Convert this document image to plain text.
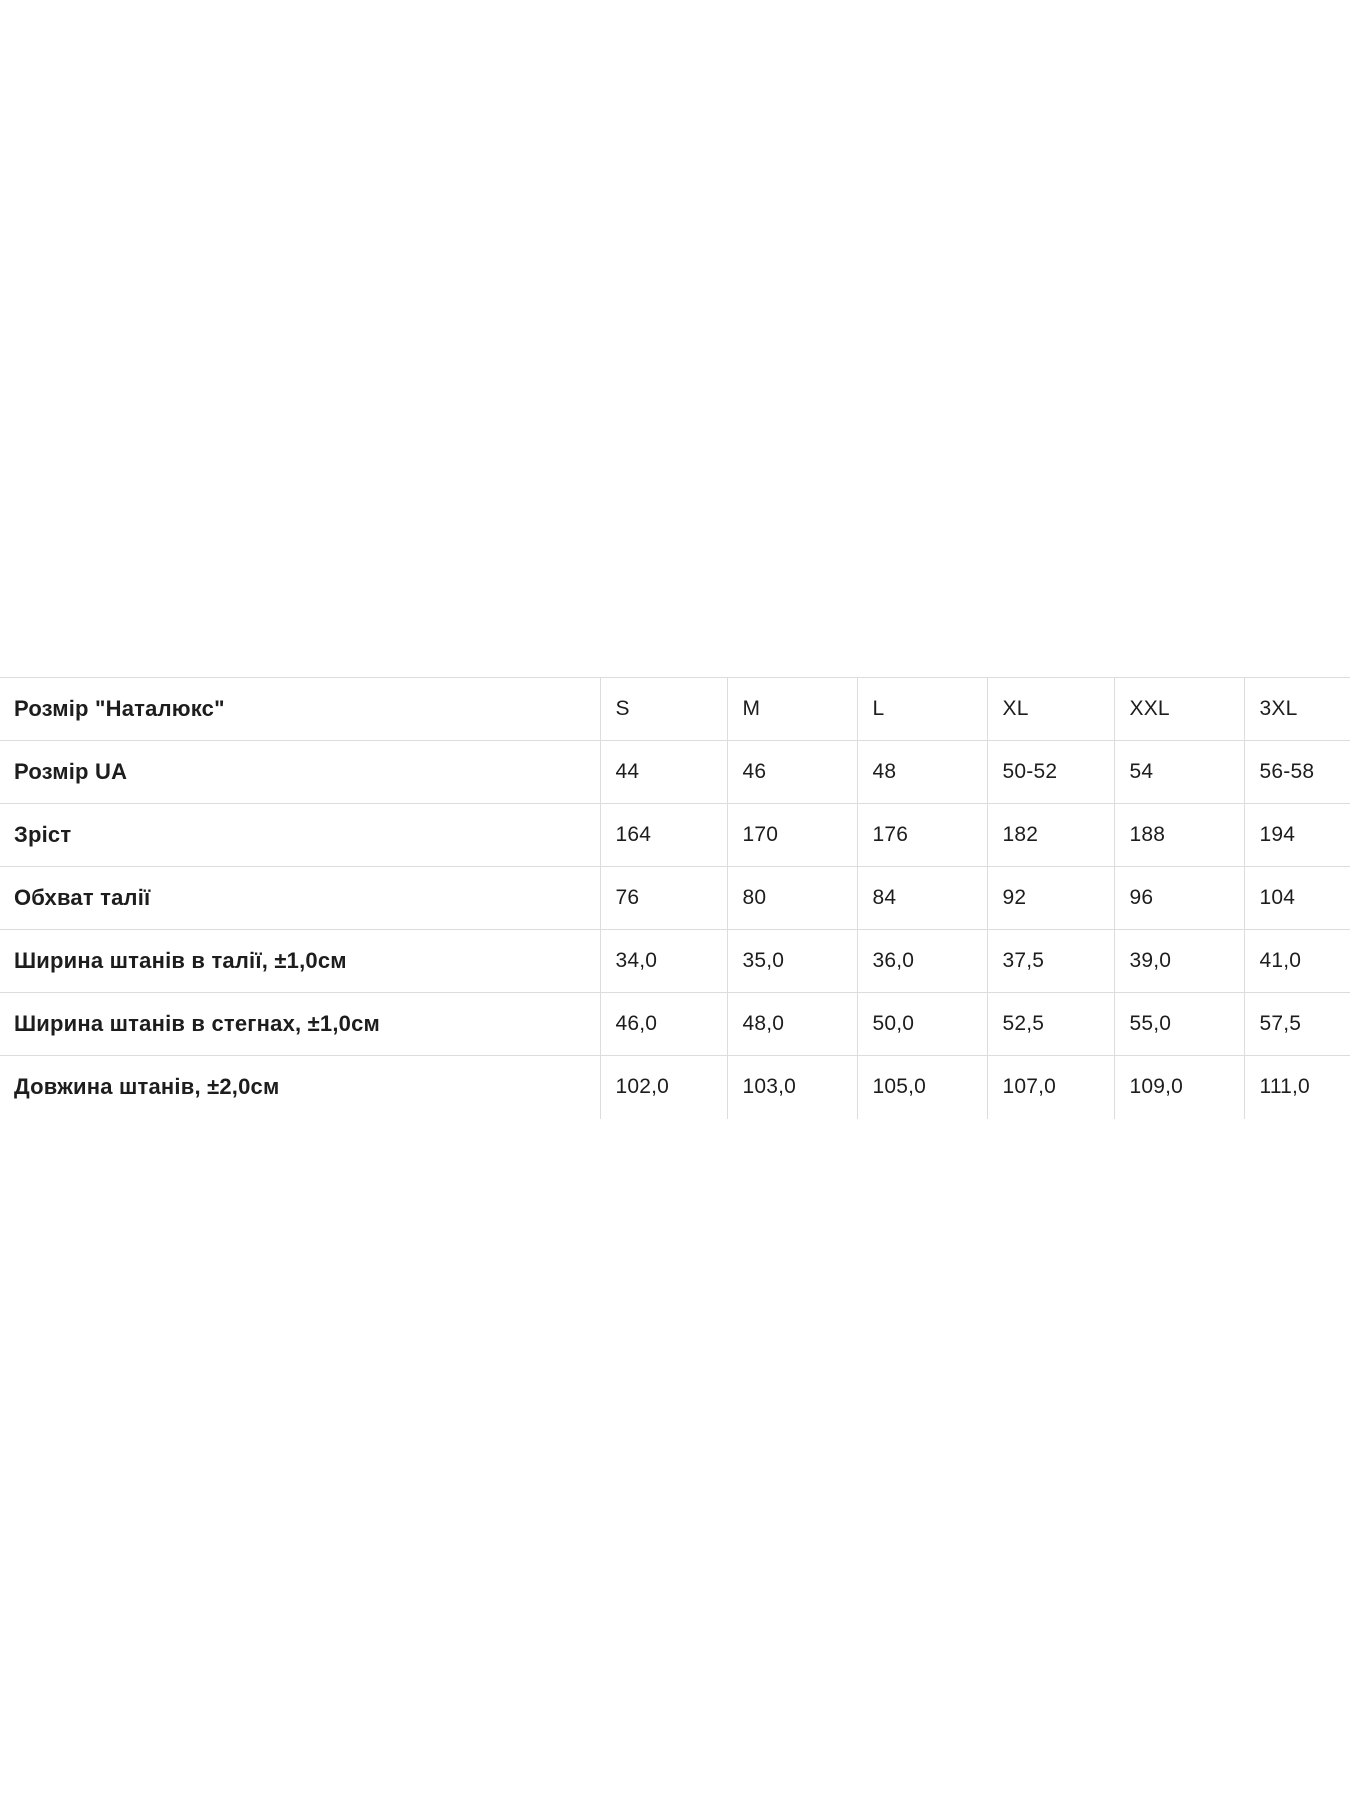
Розмір "Наталюкс"	S	M	L	XL	XXL	3XL
Розмір UA	44	46	48	50-52	54	56-58
Зріст	164	170	176	182	188	194
Обхват талії	76	80	84	92	96	104
Ширина штанів в талії, ±1,0см	34,0	35,0	36,0	37,5	39,0	41,0
Ширина штанів в стегнах, ±1,0см	46,0	48,0	50,0	52,5	55,0	57,5
Довжина штанів, ±2,0см	102,0	103,0	105,0	107,0	109,0	111,0
